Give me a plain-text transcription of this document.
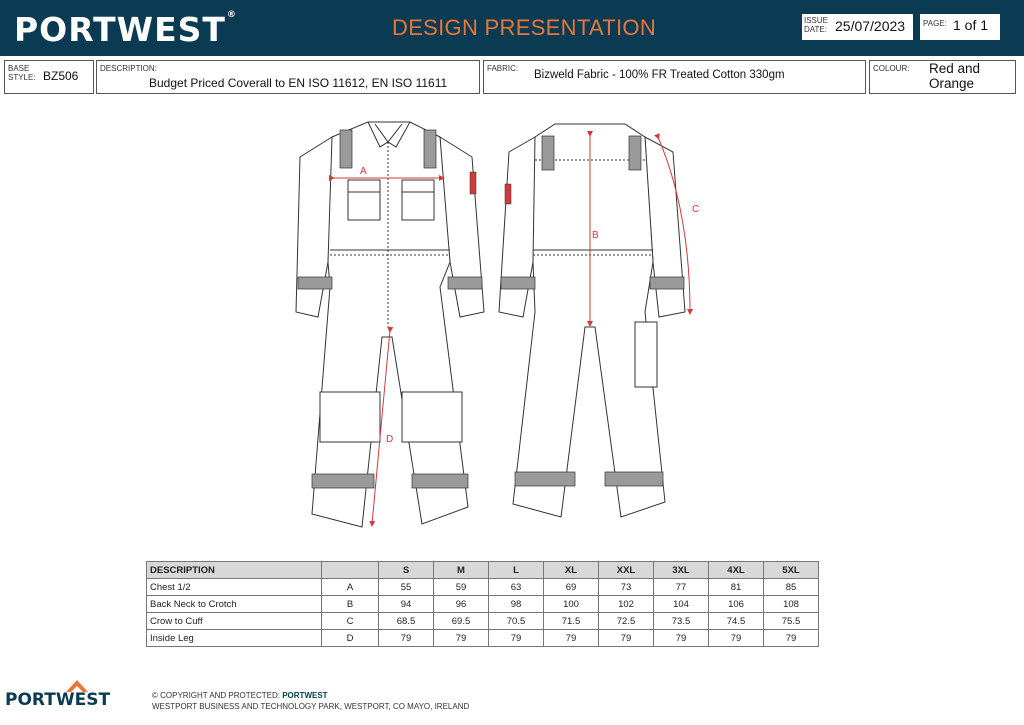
PORTWEST®	DESIGN PRESENTATION	ISSUE
DATE: 25/07/2023 PAGE: 1 of 1
BASE
STYLE: BZ506
DESCRIPTION:
Budget Priced Coverall to EN ISO 11612, EN ISO 11611
FABRIC:
Bizweld Fabric - 100% FR Treated Cotton 330gm
COLOUR: Red and
Orange
A
D
B
C
DESCRIPTION		S	M	L	XL	XXL	3XL	4XL	5XL
Chest 1/2	A	55	59	63	69	73	77	81	85
Back Neck to Crotch	B	94	96	98	100	102	104	106	108
Crow to Cuff	C	68.5	69.5	70.5	71.5	72.5	73.5	74.5	75.5
Inside Leg	D	79	79	79	79	79	79	79	79
PORTWEST	© COPYRIGHT AND PROTECTED: PORTWEST
WESTPORT BUSINESS AND TECHNOLOGY PARK, WESTPORT, CO MAYO, IRELAND
